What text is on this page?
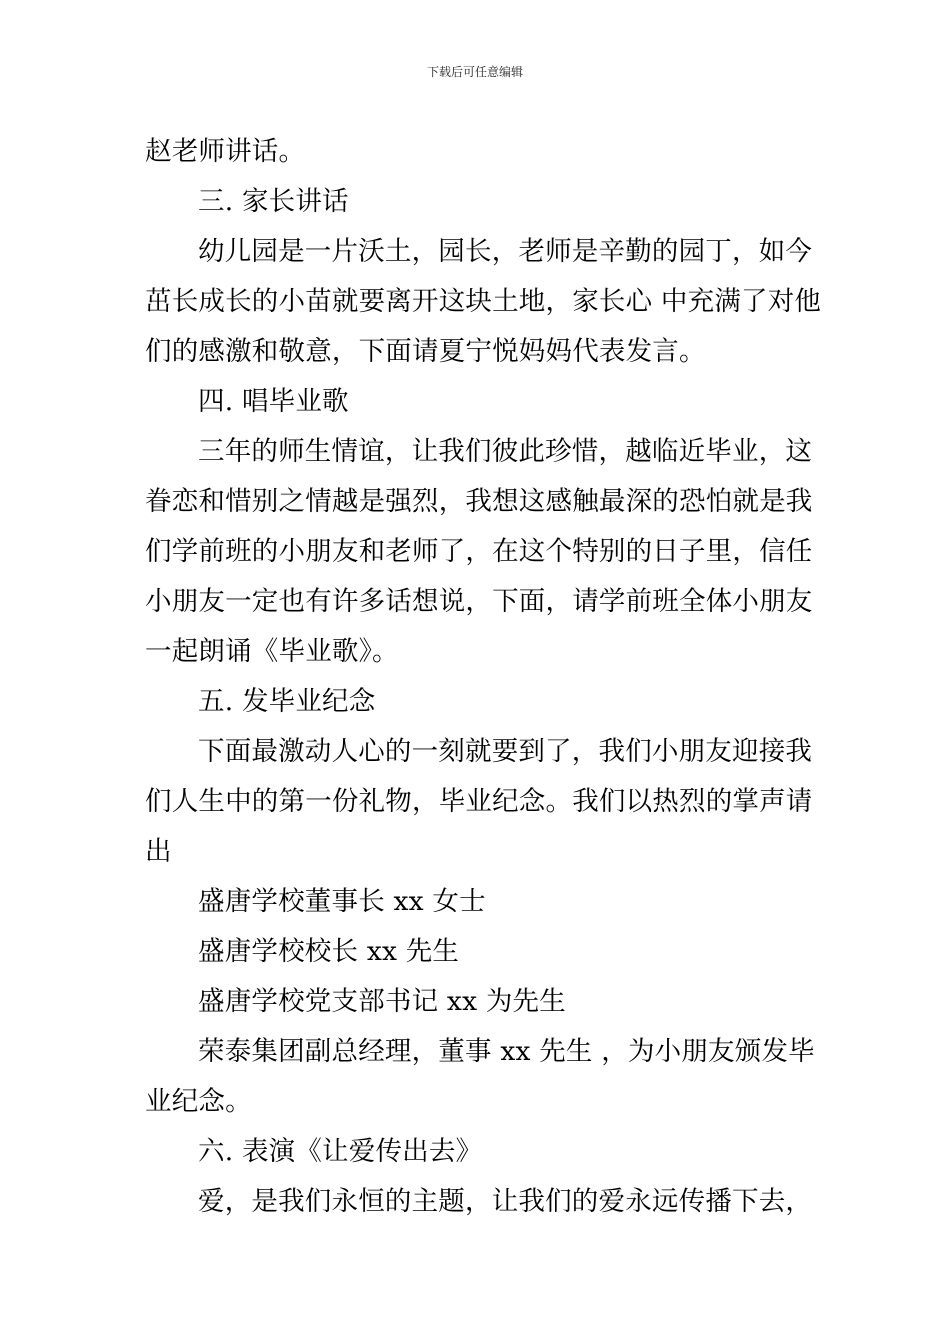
下载后可任意编辑
赵老师讲话。
三. 家长讲话
幼儿园是一片沃土，园长，老师是辛勤的园丁，如今
茁长成长的小苗就要离开这块土地，家长心 中充满了对他
们的感激和敬意，下面请夏宁悦妈妈代表发言。
四. 唱毕业歌
三年的师生情谊，让我们彼此珍惜，越临近毕业，这
眷恋和惜别之情越是强烈，我想这感触最深的恐怕就是我
们学前班的小朋友和老师了，在这个特别的日子里，信任
小朋友一定也有许多话想说，下面，请学前班全体小朋友
一起朗诵《毕业歌》。
五. 发毕业纪念
下面最激动人心的一刻就要到了，我们小朋友迎接我
们人生中的第一份礼物，毕业纪念。我们以热烈的掌声请
出
盛唐学校董事长 xx 女士
盛唐学校校长 xx 先生
盛唐学校党支部书记 xx 为先生
荣泰集团副总经理，董事 xx 先生 ，为小朋友颁发毕
业纪念。
六. 表演《让爱传出去》
爱，是我们永恒的主题，让我们的爱永远传播下去，
